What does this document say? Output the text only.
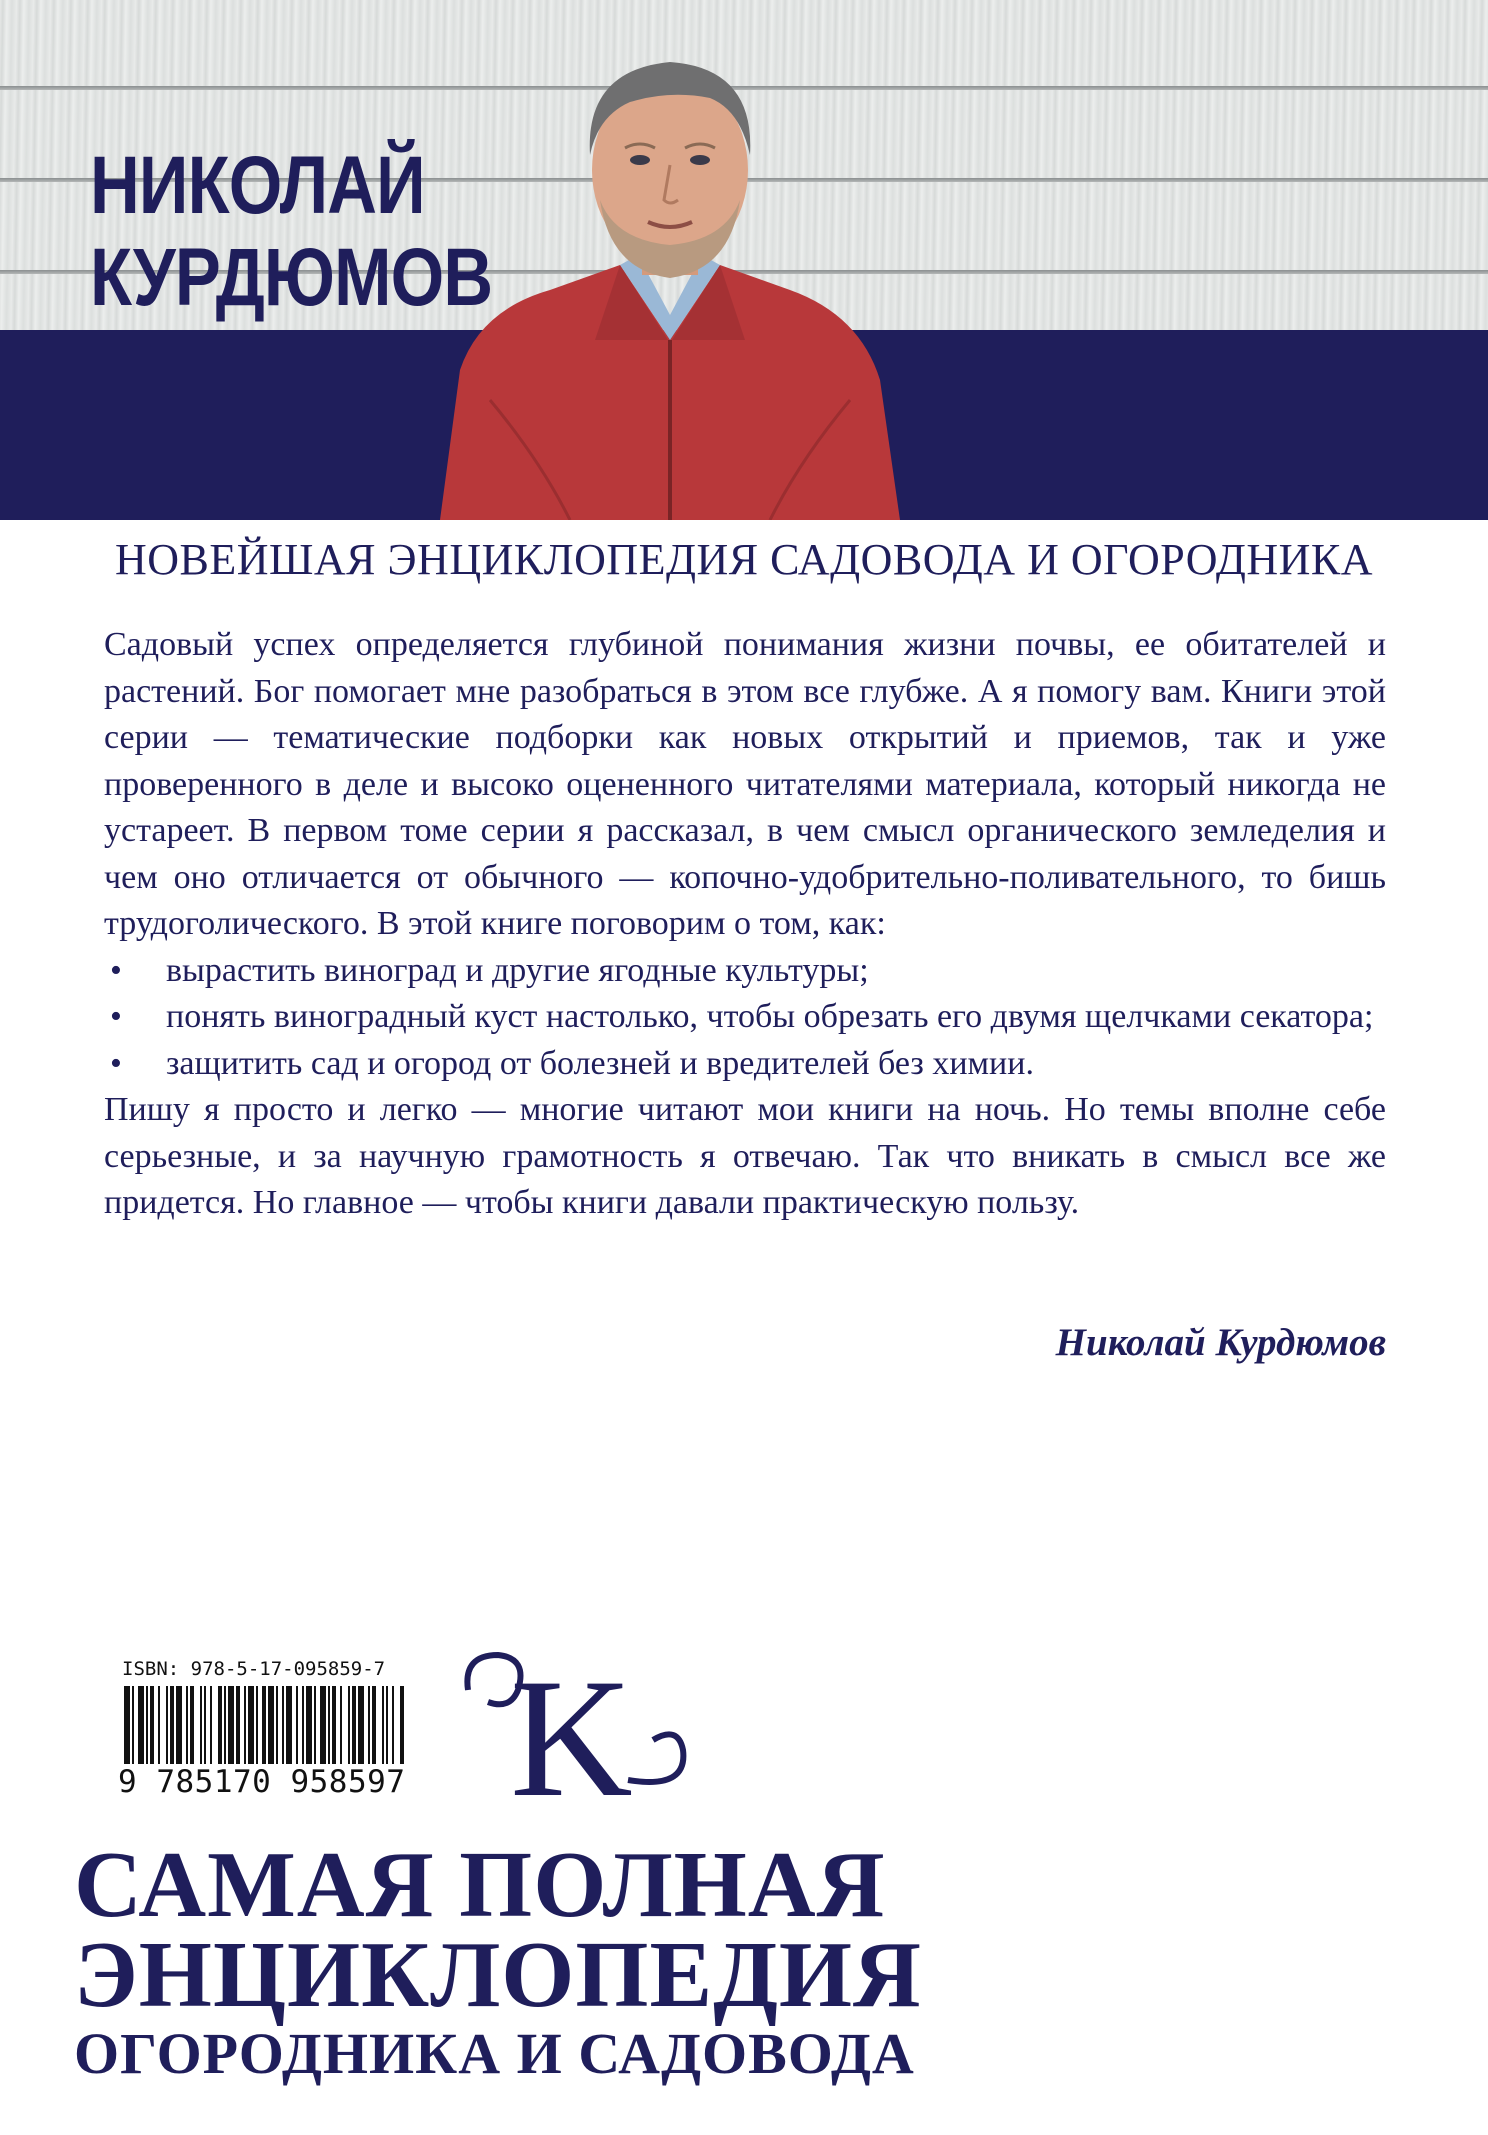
НИКОЛАЙ
КУРДЮМОВ
НОВЕЙШАЯ ЭНЦИКЛОПЕДИЯ САДОВОДА И ОГОРОДНИКА

Садовый успех определяется глубиной понимания жизни почвы, ее обитателей и растений. Бог помогает мне разобраться в этом все глубже. А я помогу вам. Книги этой серии — тематические подборки как новых открытий и приемов, так и уже проверенного в деле и высоко оцененного читателями материала, который никогда не устареет. В первом томе серии я рассказал, в чем смысл органического земледелия и чем оно отличается от обычного — копочно-удобрительно-поливательного, то бишь трудоголического. В этой книге поговорим о том, как:

• вырастить виноград и другие ягодные культуры;
• понять виноградный куст настолько, чтобы обрезать его двумя щелчками секатора;
• защитить сад и огород от болезней и вредителей без химии.

Пишу я просто и легко — многие читают мои книги на ночь. Но темы вполне себе серьезные, и за научную грамотность я отвечаю. Так что вникать в смысл все же придется. Но главное — чтобы книги давали практическую пользу.

Николай Курдюмов
ISBN: 978-5-17-095859-7
9 785170 958597 K
САМАЯ ПОЛНАЯ
ЭНЦИКЛОПЕДИЯ
ОГОРОДНИКА И САДОВОДА
